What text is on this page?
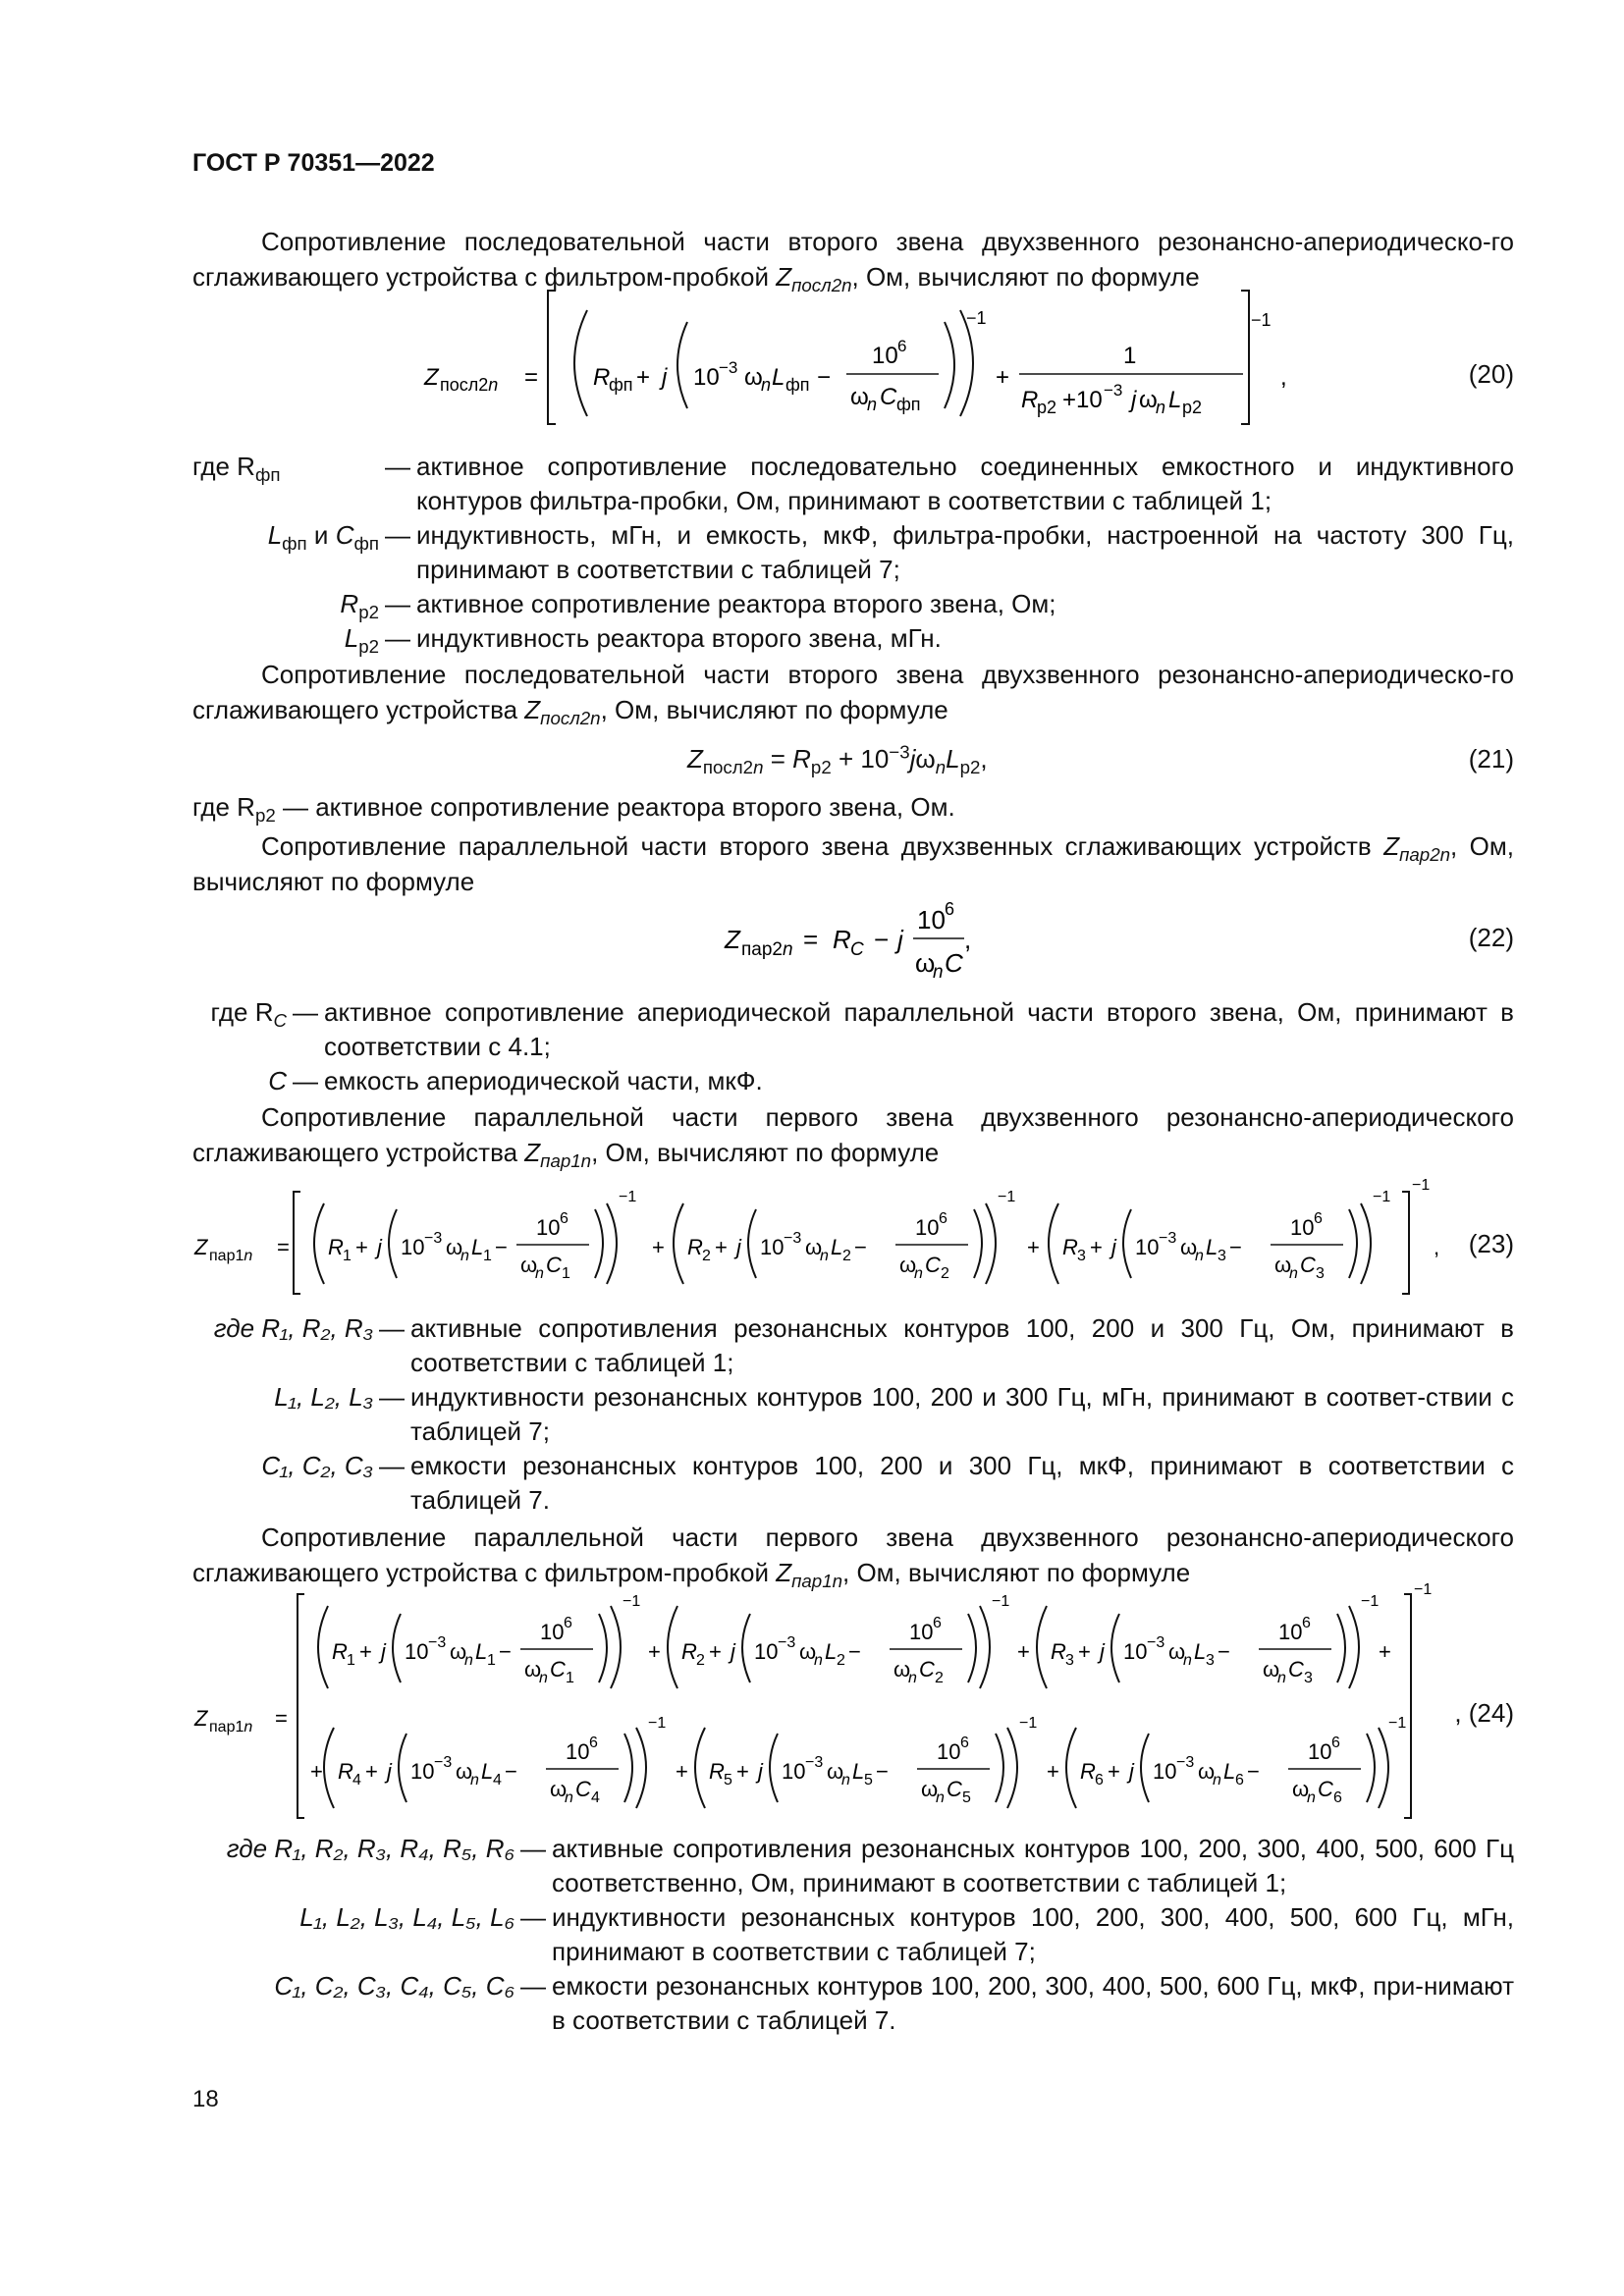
ГОСТ Р 70351—2022
Сопротивление последовательной части второго звена двухзвенного резонансно-апериодическо-го сглаживающего устройства с фильтром-пробкой $Z_{посл2n}$, Ом, вычисляют по формуле
Z посл2n = R
фп + j 10 −3 ω
n L фп −
10 6
ω
n C фп
−1
+
1
R
р2 +10 −3 j ω
n L р2
−1
,	(20)
где $R_{фп}$	— активное сопротивление последовательно соединенных емкостного и индуктивного контуров фильтра-пробки, Ом, принимают в соответствии с таблицей 1;
$L_{фп}$ и $C_{фп}$ — индуктивность, мГн, и емкость, мкФ, фильтра-пробки, настроенной на частоту 300 Гц, принимают в соответствии с таблицей 7;
$R_{р2}$ — активное сопротивление реактора второго звена, Ом;
$L_{р2}$ — индуктивность реактора второго звена, мГн.
Сопротивление последовательной части второго звена двухзвенного резонансно-апериодическо-го сглаживающего устройства $Z_{посл2n}$, Ом, вычисляют по формуле
$Z_{посл2n} = R_{р2} + 10^{-3}j\omega_nL_{р2}$,	(21)
где $R_{р2}$ — активное сопротивление реактора второго звена, Ом.
Сопротивление параллельной части второго звена двухзвенных сглаживающих устройств $Z_{пар2n}$, Ом, вычисляют по формуле
Z пар2n = R C − j
10 6
ω
n C
,	(22)
где $R_C$ — активное сопротивление апериодической параллельной части второго звена, Ом, принимают в соответствии с 4.1;
C — емкость апериодической части, мкФ.
Сопротивление параллельной части первого звена двухзвенного резонансно-апериодического сглаживающего устройства $Z_{пар1n}$, Ом, вычисляют по формуле
Z пар1n = R 1 + j 10 −3 ω
n L 1 −
10 6
ω
n C 1
−1
+ R 2 + j 10 −3 ω
n L 2 −
10 6
ω
n C 2
−1
+ R 3 + j 10 −3 ω
n L 3 −
10 6
ω
n C 3
−1
−1
, (23)
где R₁, R₂, R₃ — активные сопротивления резонансных контуров 100, 200 и 300 Гц, Ом, принимают в соответствии с таблицей 1;
L₁, L₂, L₃ — индуктивности резонансных контуров 100, 200 и 300 Гц, мГн, принимают в соответ-ствии с таблицей 7;
C₁, C₂, C₃ — емкости резонансных контуров 100, 200 и 300 Гц, мкФ, принимают в соответствии с таблицей 7.
Сопротивление параллельной части первого звена двухзвенного резонансно-апериодического сглаживающего устройства с фильтром-пробкой $Z_{пар1n}$, Ом, вычисляют по формуле
Z пар1n =
R 1 + j 10 −3 ω
n L 1 −
10 6
ω
n C 1
−1
+ R 2 + j 10 −3 ω
n L 2 −
10 6
ω
n C 2
−1
+ R 3 + j 10 −3 ω
n L 3 −
10 6
ω
n C 3
−1
+
+ R 4 + j 10 −3 ω
n L 4 −
10 6
ω
n C 4
−1
+ R 5 + j 10 −3 ω
n L 5 −
10 6
ω
n C 5
−1
+ R 6 + j 10 −3 ω
n L 6 −
10 6
ω
n C 6
−1
−1
, (24)
где R₁, R₂, R₃, R₄, R₅, R₆ — активные сопротивления резонансных контуров 100, 200, 300, 400, 500, 600 Гц соответственно, Ом, принимают в соответствии с таблицей 1;
L₁, L₂, L₃, L₄, L₅, L₆ — индуктивности резонансных контуров 100, 200, 300, 400, 500, 600 Гц, мГн, принимают в соответствии с таблицей 7;
C₁, C₂, C₃, C₄, C₅, C₆ — емкости резонансных контуров 100, 200, 300, 400, 500, 600 Гц, мкФ, при-нимают в соответствии с таблицей 7.
18
